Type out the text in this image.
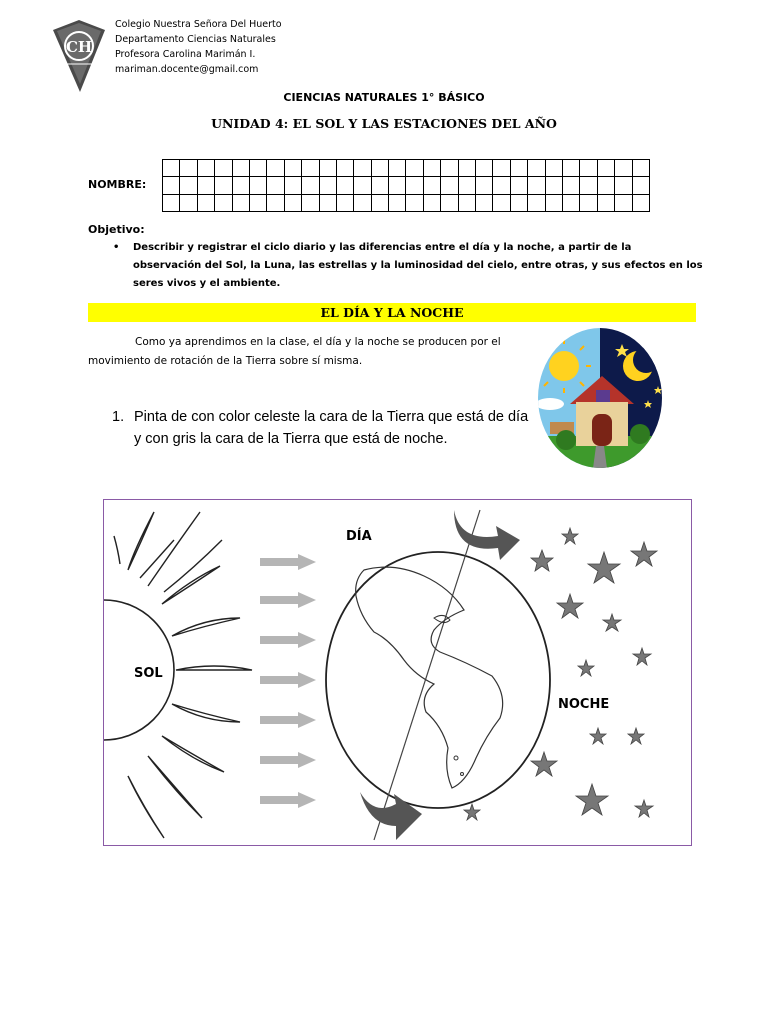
CH
Colegio Nuestra Señora Del Huerto
Departamento Ciencias Naturales
Profesora Carolina Marimán I.
mariman.docente@gmail.com
CIENCIAS NATURALES 1° BÁSICO
UNIDAD 4: EL SOL Y LAS ESTACIONES DEL AÑO
NOMBRE:

Objetivo:
• Describir y registrar el ciclo diario y las diferencias entre el día y la noche, a partir de la observación del Sol, la Luna, las estrellas y la luminosidad del cielo, entre otras, y sus efectos en los seres vivos y el ambiente.
EL DÍA Y LA NOCHE
Como ya aprendimos en la clase, el día y la noche se producen por el movimiento de rotación de la Tierra sobre sí misma.
1. Pinta de con color celeste la cara de la Tierra que está de día y con gris la cara de la Tierra que está de noche.
SOL
DÍA
NOCHE
